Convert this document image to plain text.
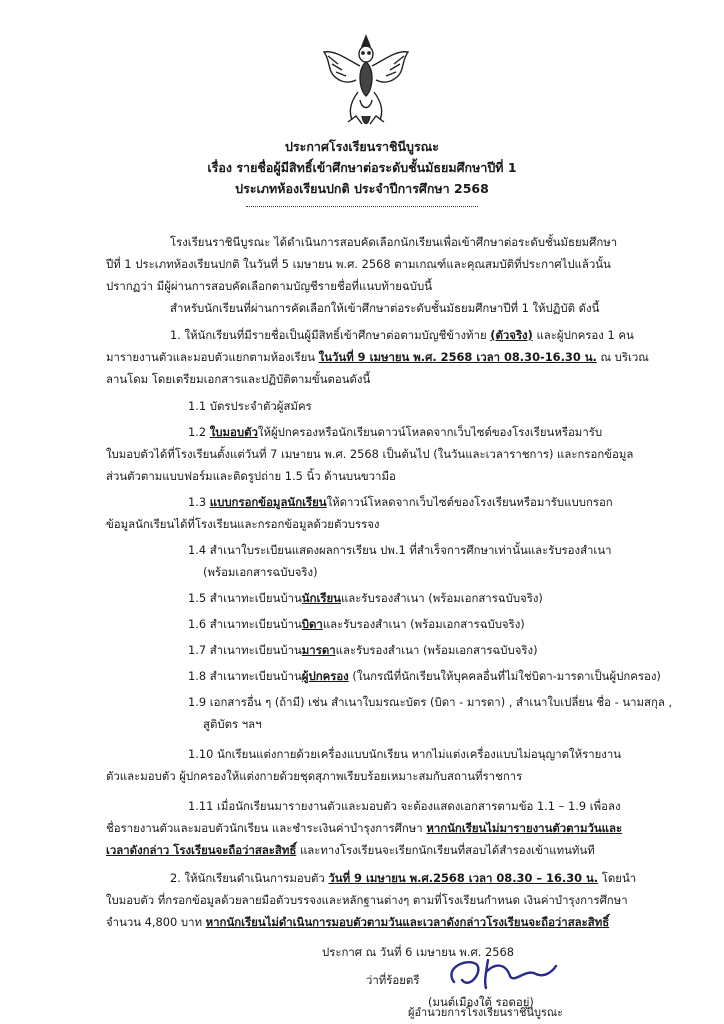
ประกาศโรงเรียนราชินีบูรณะ
เรื่อง รายชื่อผู้มีสิทธิ์เข้าศึกษาต่อระดับชั้นมัธยมศึกษาปีที่ 1
ประเภทห้องเรียนปกติ ประจำปีการศึกษา 2568
โรงเรียนราชินีบูรณะ ได้ดำเนินการสอบคัดเลือกนักเรียนเพื่อเข้าศึกษาต่อระดับชั้นมัธยมศึกษา
ปีที่ 1 ประเภทห้องเรียนปกติ ในวันที่ 5 เมษายน พ.ศ. 2568 ตามเกณฑ์และคุณสมบัติที่ประกาศไปแล้วนั้น
ปรากฏว่า มีผู้ผ่านการสอบคัดเลือกตามบัญชีรายชื่อที่แนบท้ายฉบับนี้
สำหรับนักเรียนที่ผ่านการคัดเลือกให้เข้าศึกษาต่อระดับชั้นมัธยมศึกษาปีที่ 1 ให้ปฏิบัติ ดังนี้
1. ให้นักเรียนที่มีรายชื่อเป็นผู้มีสิทธิ์เข้าศึกษาต่อตามบัญชีข้างท้าย (ตัวจริง) และผู้ปกครอง 1 คน
มารายงานตัวและมอบตัวแยกตามห้องเรียน ในวันที่ 9 เมษายน พ.ศ. 2568 เวลา 08.30-16.30 น. ณ บริเวณ
ลานโดม โดยเตรียมเอกสารและปฏิบัติตามขั้นตอนดังนี้
1.1 บัตรประจำตัวผู้สมัคร
1.2 ใบมอบตัวให้ผู้ปกครองหรือนักเรียนดาวน์โหลดจากเว็บไซต์ของโรงเรียนหรือมารับ
ใบมอบตัวได้ที่โรงเรียนตั้งแต่วันที่ 7 เมษายน พ.ศ. 2568 เป็นต้นไป (ในวันและเวลาราชการ) และกรอกข้อมูล
ส่วนตัวตามแบบฟอร์มและติดรูปถ่าย 1.5 นิ้ว ด้านบนขวามือ
1.3 แบบกรอกข้อมูลนักเรียนให้ดาวน์โหลดจากเว็บไซต์ของโรงเรียนหรือมารับแบบกรอก
ข้อมูลนักเรียนได้ที่โรงเรียนและกรอกข้อมูลด้วยตัวบรรจง
1.4 สำเนาใบระเบียนแสดงผลการเรียน ปพ.1 ที่สำเร็จการศึกษาเท่านั้นและรับรองสำเนา
(พร้อมเอกสารฉบับจริง)
1.5 สำเนาทะเบียนบ้านนักเรียนและรับรองสำเนา (พร้อมเอกสารฉบับจริง)
1.6 สำเนาทะเบียนบ้านบิดาและรับรองสำเนา (พร้อมเอกสารฉบับจริง)
1.7 สำเนาทะเบียนบ้านมารดาและรับรองสำเนา (พร้อมเอกสารฉบับจริง)
1.8 สำเนาทะเบียนบ้านผู้ปกครอง (ในกรณีที่นักเรียนให้บุคคลอื่นที่ไม่ใช่บิดา-มารดาเป็นผู้ปกครอง)
1.9 เอกสารอื่น ๆ (ถ้ามี) เช่น สำเนาใบมรณะบัตร (บิดา - มารดา) , สำเนาใบเปลี่ยน ชื่อ - นามสกุล ,
สูติบัตร ฯลฯ
1.10 นักเรียนแต่งกายด้วยเครื่องแบบนักเรียน หากไม่แต่งเครื่องแบบไม่อนุญาตให้รายงาน
ตัวและมอบตัว ผู้ปกครองให้แต่งกายด้วยชุดสุภาพเรียบร้อยเหมาะสมกับสถานที่ราชการ
1.11 เมื่อนักเรียนมารายงานตัวและมอบตัว จะต้องแสดงเอกสารตามข้อ 1.1 – 1.9 เพื่อลง
ชื่อรายงานตัวและมอบตัวนักเรียน และชำระเงินค่าบำรุงการศึกษา หากนักเรียนไม่มารายงานตัวตามวันและ
เวลาดังกล่าว โรงเรียนจะถือว่าสละสิทธิ์ และทางโรงเรียนจะเรียกนักเรียนที่สอบได้สำรองเข้าแทนทันที
2. ให้นักเรียนดำเนินการมอบตัว วันที่ 9 เมษายน พ.ศ.2568 เวลา 08.30 – 16.30 น. โดยนำ
ใบมอบตัว ที่กรอกข้อมูลด้วยลายมือตัวบรรจงและหลักฐานต่างๆ ตามที่โรงเรียนกำหนด เงินค่าบำรุงการศึกษา
จำนวน 4,800 บาท หากนักเรียนไม่ดำเนินการมอบตัวตามวันและเวลาดังกล่าวโรงเรียนจะถือว่าสละสิทธิ์
ประกาศ ณ วันที่ 6 เมษายน พ.ศ. 2568
ว่าที่ร้อยตรี
(มนต์เมืองใต้ รอดอยู่)
ผู้อำนวยการโรงเรียนราชินีบูรณะ
